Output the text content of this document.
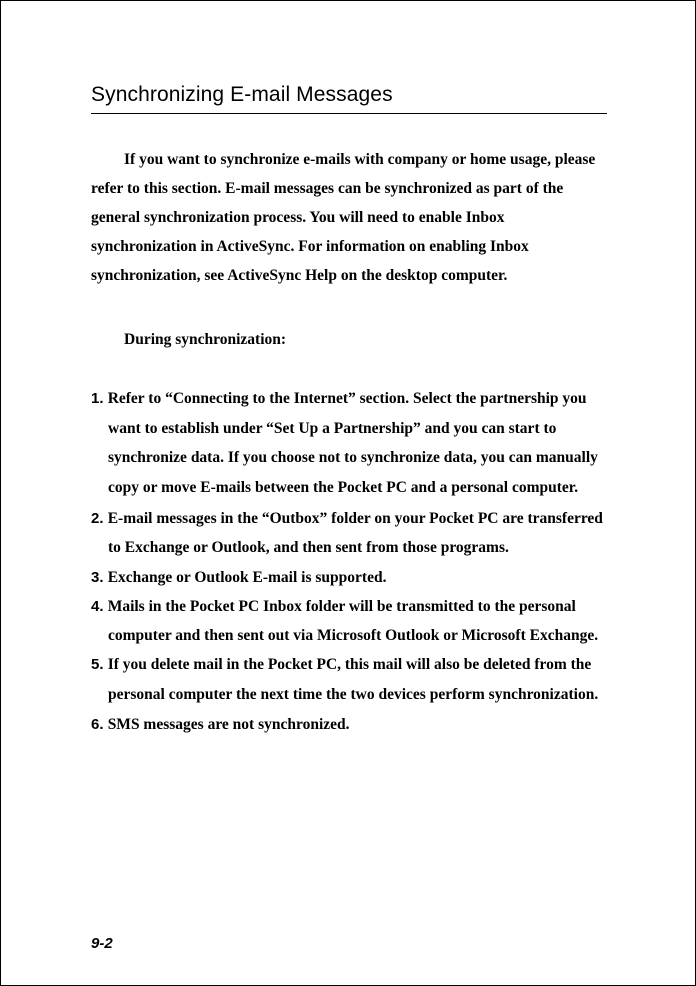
Synchronizing E-mail Messages

If you want to synchronize e-mails with company or home usage, please

refer to this section. E-mail messages can be synchronized as part of the

general synchronization process. You will need to enable Inbox

synchronization in ActiveSync. For information on enabling Inbox

synchronization, see ActiveSync Help on the desktop computer.

During synchronization:

1. Refer to “Connecting to the Internet” section. Select the partnership you

want to establish under “Set Up a Partnership” and you can start to

synchronize data. If you choose not to synchronize data, you can manually

copy or move E-mails between the Pocket PC and a personal computer.

2. E-mail messages in the “Outbox” folder on your Pocket PC are transferred

to Exchange or Outlook, and then sent from those programs.

3. Exchange or Outlook E-mail is supported.

4. Mails in the Pocket PC Inbox folder will be transmitted to the personal

computer and then sent out via Microsoft Outlook or Microsoft Exchange.

5. If you delete mail in the Pocket PC, this mail will also be deleted from the

personal computer the next time the two devices perform synchronization.

6. SMS messages are not synchronized.

9-2
